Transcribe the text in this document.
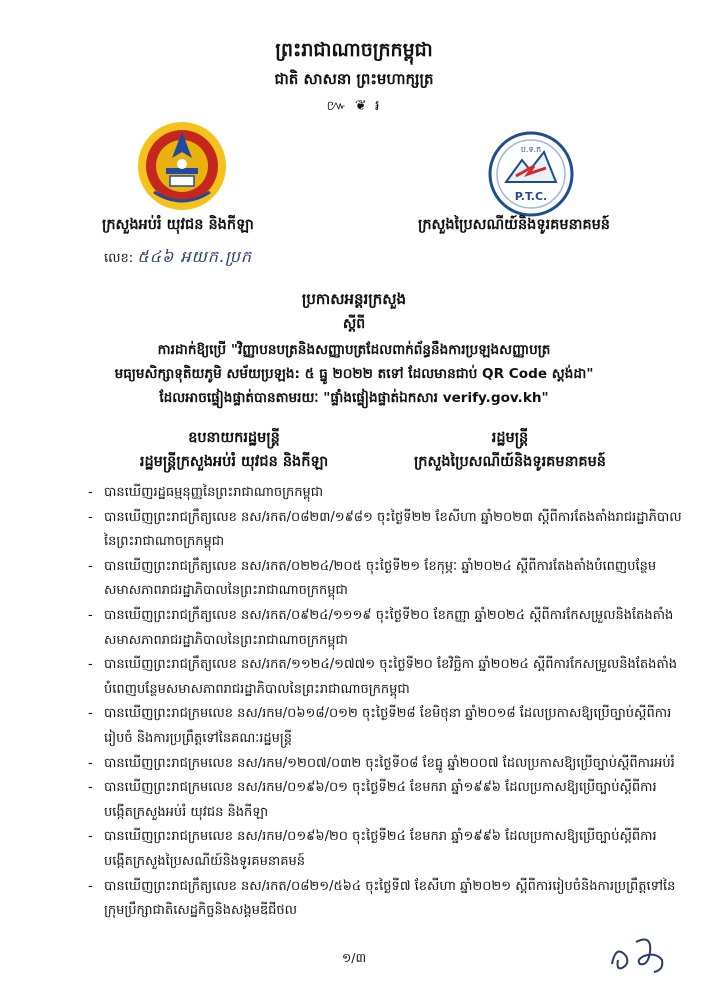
ព្រះរាជាណាចក្រកម្ពុជា
ជាតិ សាសនា ព្រះមហាក្សត្រ
៚ ❦ ៛
ប.ទ.ក
P.T.C.
ក្រសួងអប់រំ យុវជន និងកីឡា	ក្រសួងប្រៃសណីយ៍និងទូរគមនាគមន៍
លេខ: ៥៤៦ អយក.ប្រក
ប្រកាសអន្តរក្រសួង
ស្តីពី
ការដាក់ឱ្យប្រើ "វិញ្ញាបនបត្រនិងសញ្ញាបត្រដែលពាក់ព័ន្ធនឹងការប្រឡងសញ្ញាបត្រ
មធ្យមសិក្សាទុតិយភូមិ សម័យប្រឡង: ៥ ធ្នូ ២០២២ តទៅ ដែលមានជាប់ QR Code ស្តង់ដា"
ដែលអាចផ្ទៀងផ្ទាត់បានតាមរយៈ "ផ្ទាំងផ្ទៀងផ្ទាត់ឯកសារ verify.gov.kh"
ឧបនាយករដ្ឋមន្ត្រី
រដ្ឋមន្ត្រីក្រសួងអប់រំ យុវជន និងកីឡា
រដ្ឋមន្ត្រី
ក្រសួងប្រៃសណីយ៍និងទូរគមនាគមន៍
- បានឃើញរដ្ឋធម្មនុញ្ញនៃព្រះរាជាណាចក្រកម្ពុជា
- បានឃើញព្រះរាជក្រឹត្យលេខ នស/រកត/០៨២៣/១៩៨១ ចុះថ្ងៃទី២២ ខែសីហា ឆ្នាំ២០២៣ ស្តីពីការតែងតាំងរាជរដ្ឋាភិបាលនៃព្រះរាជាណាចក្រកម្ពុជា
- បានឃើញព្រះរាជក្រឹត្យលេខ នស/រកត/០២២៤/២០៥ ចុះថ្ងៃទី២១ ខែកុម្ភៈ ឆ្នាំ២០២៤ ស្តីពីការតែងតាំងបំពេញបន្ថែមសមាសភាពរាជរដ្ឋាភិបាលនៃព្រះរាជាណាចក្រកម្ពុជា
- បានឃើញព្រះរាជក្រឹត្យលេខ នស/រកត/០៩២៤/១១១៩ ចុះថ្ងៃទី២០ ខែកញ្ញា ឆ្នាំ២០២៤ ស្តីពីការកែសម្រួលនិងតែងតាំងសមាសភាពរាជរដ្ឋាភិបាលនៃព្រះរាជាណាចក្រកម្ពុជា
- បានឃើញព្រះរាជក្រឹត្យលេខ នស/រកត/១១២៤/១៧៧១ ចុះថ្ងៃទី២០ ខែវិច្ឆិកា ឆ្នាំ២០២៤ ស្តីពីការកែសម្រួលនិងតែងតាំងបំពេញបន្ថែមសមាសភាពរាជរដ្ឋាភិបាលនៃព្រះរាជាណាចក្រកម្ពុជា
- បានឃើញព្រះរាជក្រមលេខ នស/រកម/០៦១៨/០១២ ចុះថ្ងៃទី២៨ ខែមិថុនា ឆ្នាំ២០១៨ ដែលប្រកាសឱ្យប្រើច្បាប់ស្តីពីការរៀបចំ និងការប្រព្រឹត្តទៅនៃគណៈរដ្ឋមន្ត្រី
- បានឃើញព្រះរាជក្រមលេខ នស/រកម/១២០៧/០៣២ ចុះថ្ងៃទី០៨ ខែធ្នូ ឆ្នាំ២០០៧ ដែលប្រកាសឱ្យប្រើច្បាប់ស្តីពីការអប់រំ
- បានឃើញព្រះរាជក្រមលេខ នស/រកម/០១៩៦/០១ ចុះថ្ងៃទី២៤ ខែមករា ឆ្នាំ១៩៩៦ ដែលប្រកាសឱ្យប្រើច្បាប់ស្តីពីការបង្កើតក្រសួងអប់រំ យុវជន និងកីឡា
- បានឃើញព្រះរាជក្រមលេខ នស/រកម/០១៩៦/២០ ចុះថ្ងៃទី២៤ ខែមករា ឆ្នាំ១៩៩៦ ដែលប្រកាសឱ្យប្រើច្បាប់ស្តីពីការបង្កើតក្រសួងប្រៃសណីយ៍និងទូរគមនាគមន៍
- បានឃើញព្រះរាជក្រឹត្យលេខ នស/រកត/០៨២១/៥៦៤ ចុះថ្ងៃទី៧ ខែសីហា ឆ្នាំ២០២១ ស្តីពីការរៀបចំនិងការប្រព្រឹត្តទៅនៃក្រុមប្រឹក្សាជាតិសេដ្ឋកិច្ចនិងសង្គមឌីជីថល
១/៣
